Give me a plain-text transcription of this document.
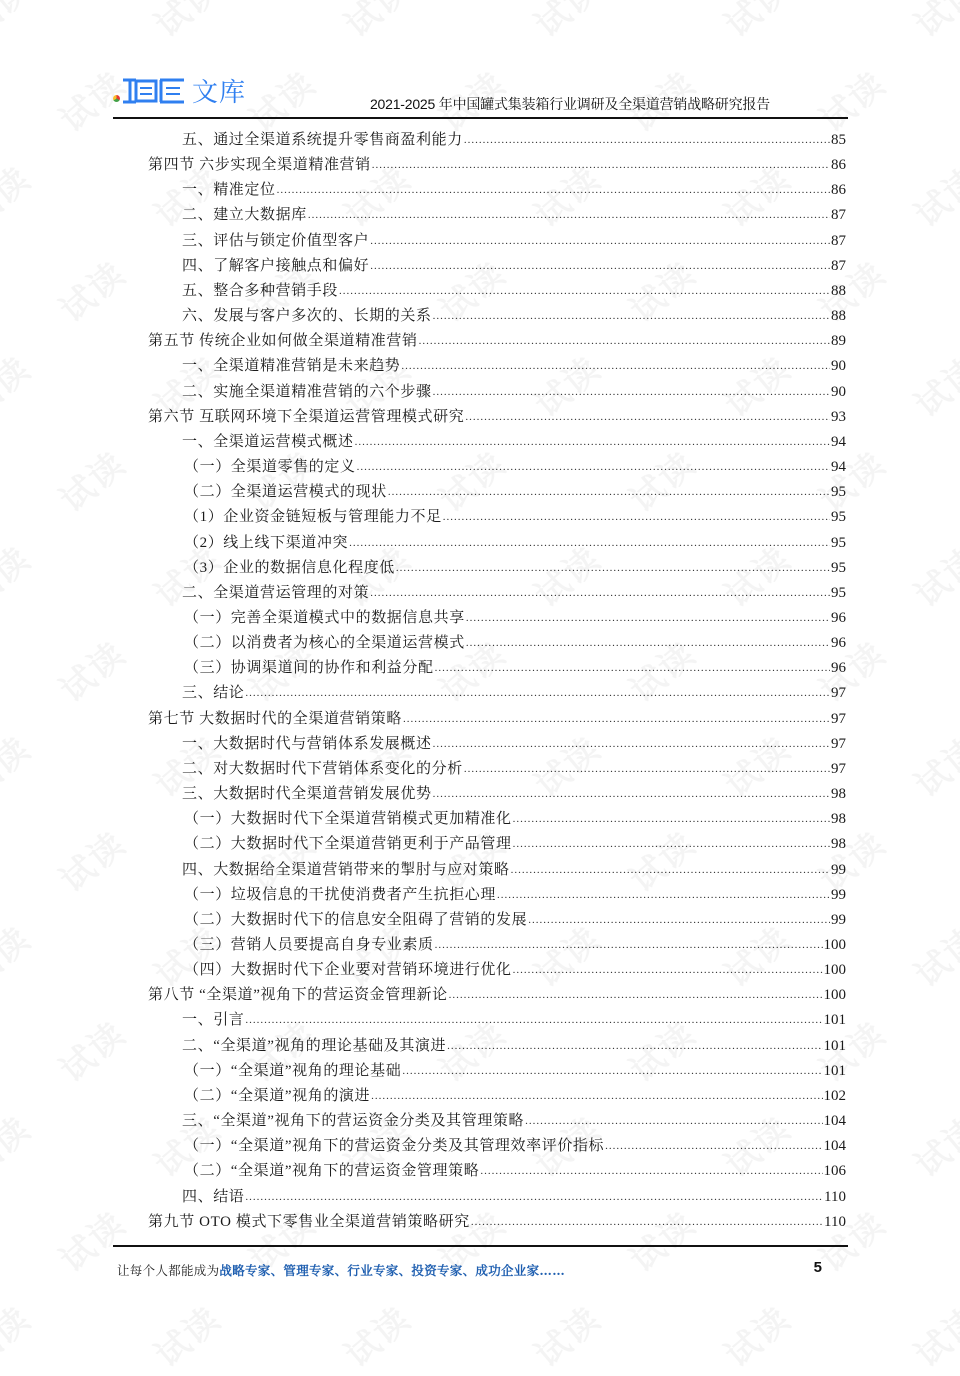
文库	2021-2025 年中国罐式集装箱行业调研及全渠道营销战略研究报告
五、通过全渠道系统提升零售商盈利能力 .....	85
第四节 六步实现全渠道精准营销 .....	86
一、精准定位 .....	86
二、建立大数据库 .....	87
三、评估与锁定价值型客户 .....	87
四、了解客户接触点和偏好 .....	87
五、整合多种营销手段 .....	88
六、发展与客户多次的、长期的关系 .....	88
第五节 传统企业如何做全渠道精准营销 .....	89
一、全渠道精准营销是未来趋势 .....	90
二、实施全渠道精准营销的六个步骤 .....	90
第六节 互联网环境下全渠道运营管理模式研究 .....	93
一、全渠道运营模式概述 .....	94
（一）全渠道零售的定义 .....	94
（二）全渠道运营模式的现状 .....	95
（1）企业资金链短板与管理能力不足 .....	95
（2）线上线下渠道冲突 .....	95
（3）企业的数据信息化程度低 .....	95
二、全渠道营运管理的对策 .....	95
（一）完善全渠道模式中的数据信息共享 .....	96
（二）以消费者为核心的全渠道运营模式 .....	96
（三）协调渠道间的协作和利益分配 .....	96
三、结论 .....	97
第七节 大数据时代的全渠道营销策略 .....	97
一、大数据时代与营销体系发展概述 .....	97
二、对大数据时代下营销体系变化的分析 .....	97
三、大数据时代全渠道营销发展优势 .....	98
（一）大数据时代下全渠道营销模式更加精准化 .....	98
（二）大数据时代下全渠道营销更利于产品管理 .....	98
四、大数据给全渠道营销带来的掣肘与应对策略 .....	99
（一）垃圾信息的干扰使消费者产生抗拒心理 .....	99
（二）大数据时代下的信息安全阻碍了营销的发展 .....	99
（三）营销人员要提高自身专业素质 .....	100
（四）大数据时代下企业要对营销环境进行优化 .....	100
第八节 “全渠道”视角下的营运资金管理新论 .....	100
一、引言 .....	101
二、“全渠道”视角的理论基础及其演进 .....	101
（一）“全渠道”视角的理论基础 .....	101
（二）“全渠道”视角的演进 .....	102
三、“全渠道”视角下的营运资金分类及其管理策略 .....	104
（一）“全渠道”视角下的营运资金分类及其管理效率评价指标 .....	104
（二）“全渠道”视角下的营运资金管理策略 .....	106
四、结语 .....	110
第九节 OTO 模式下零售业全渠道营销策略研究 .....	110
让每个人都能成为战略专家、管理专家、行业专家、投资专家、成功企业家……	5
